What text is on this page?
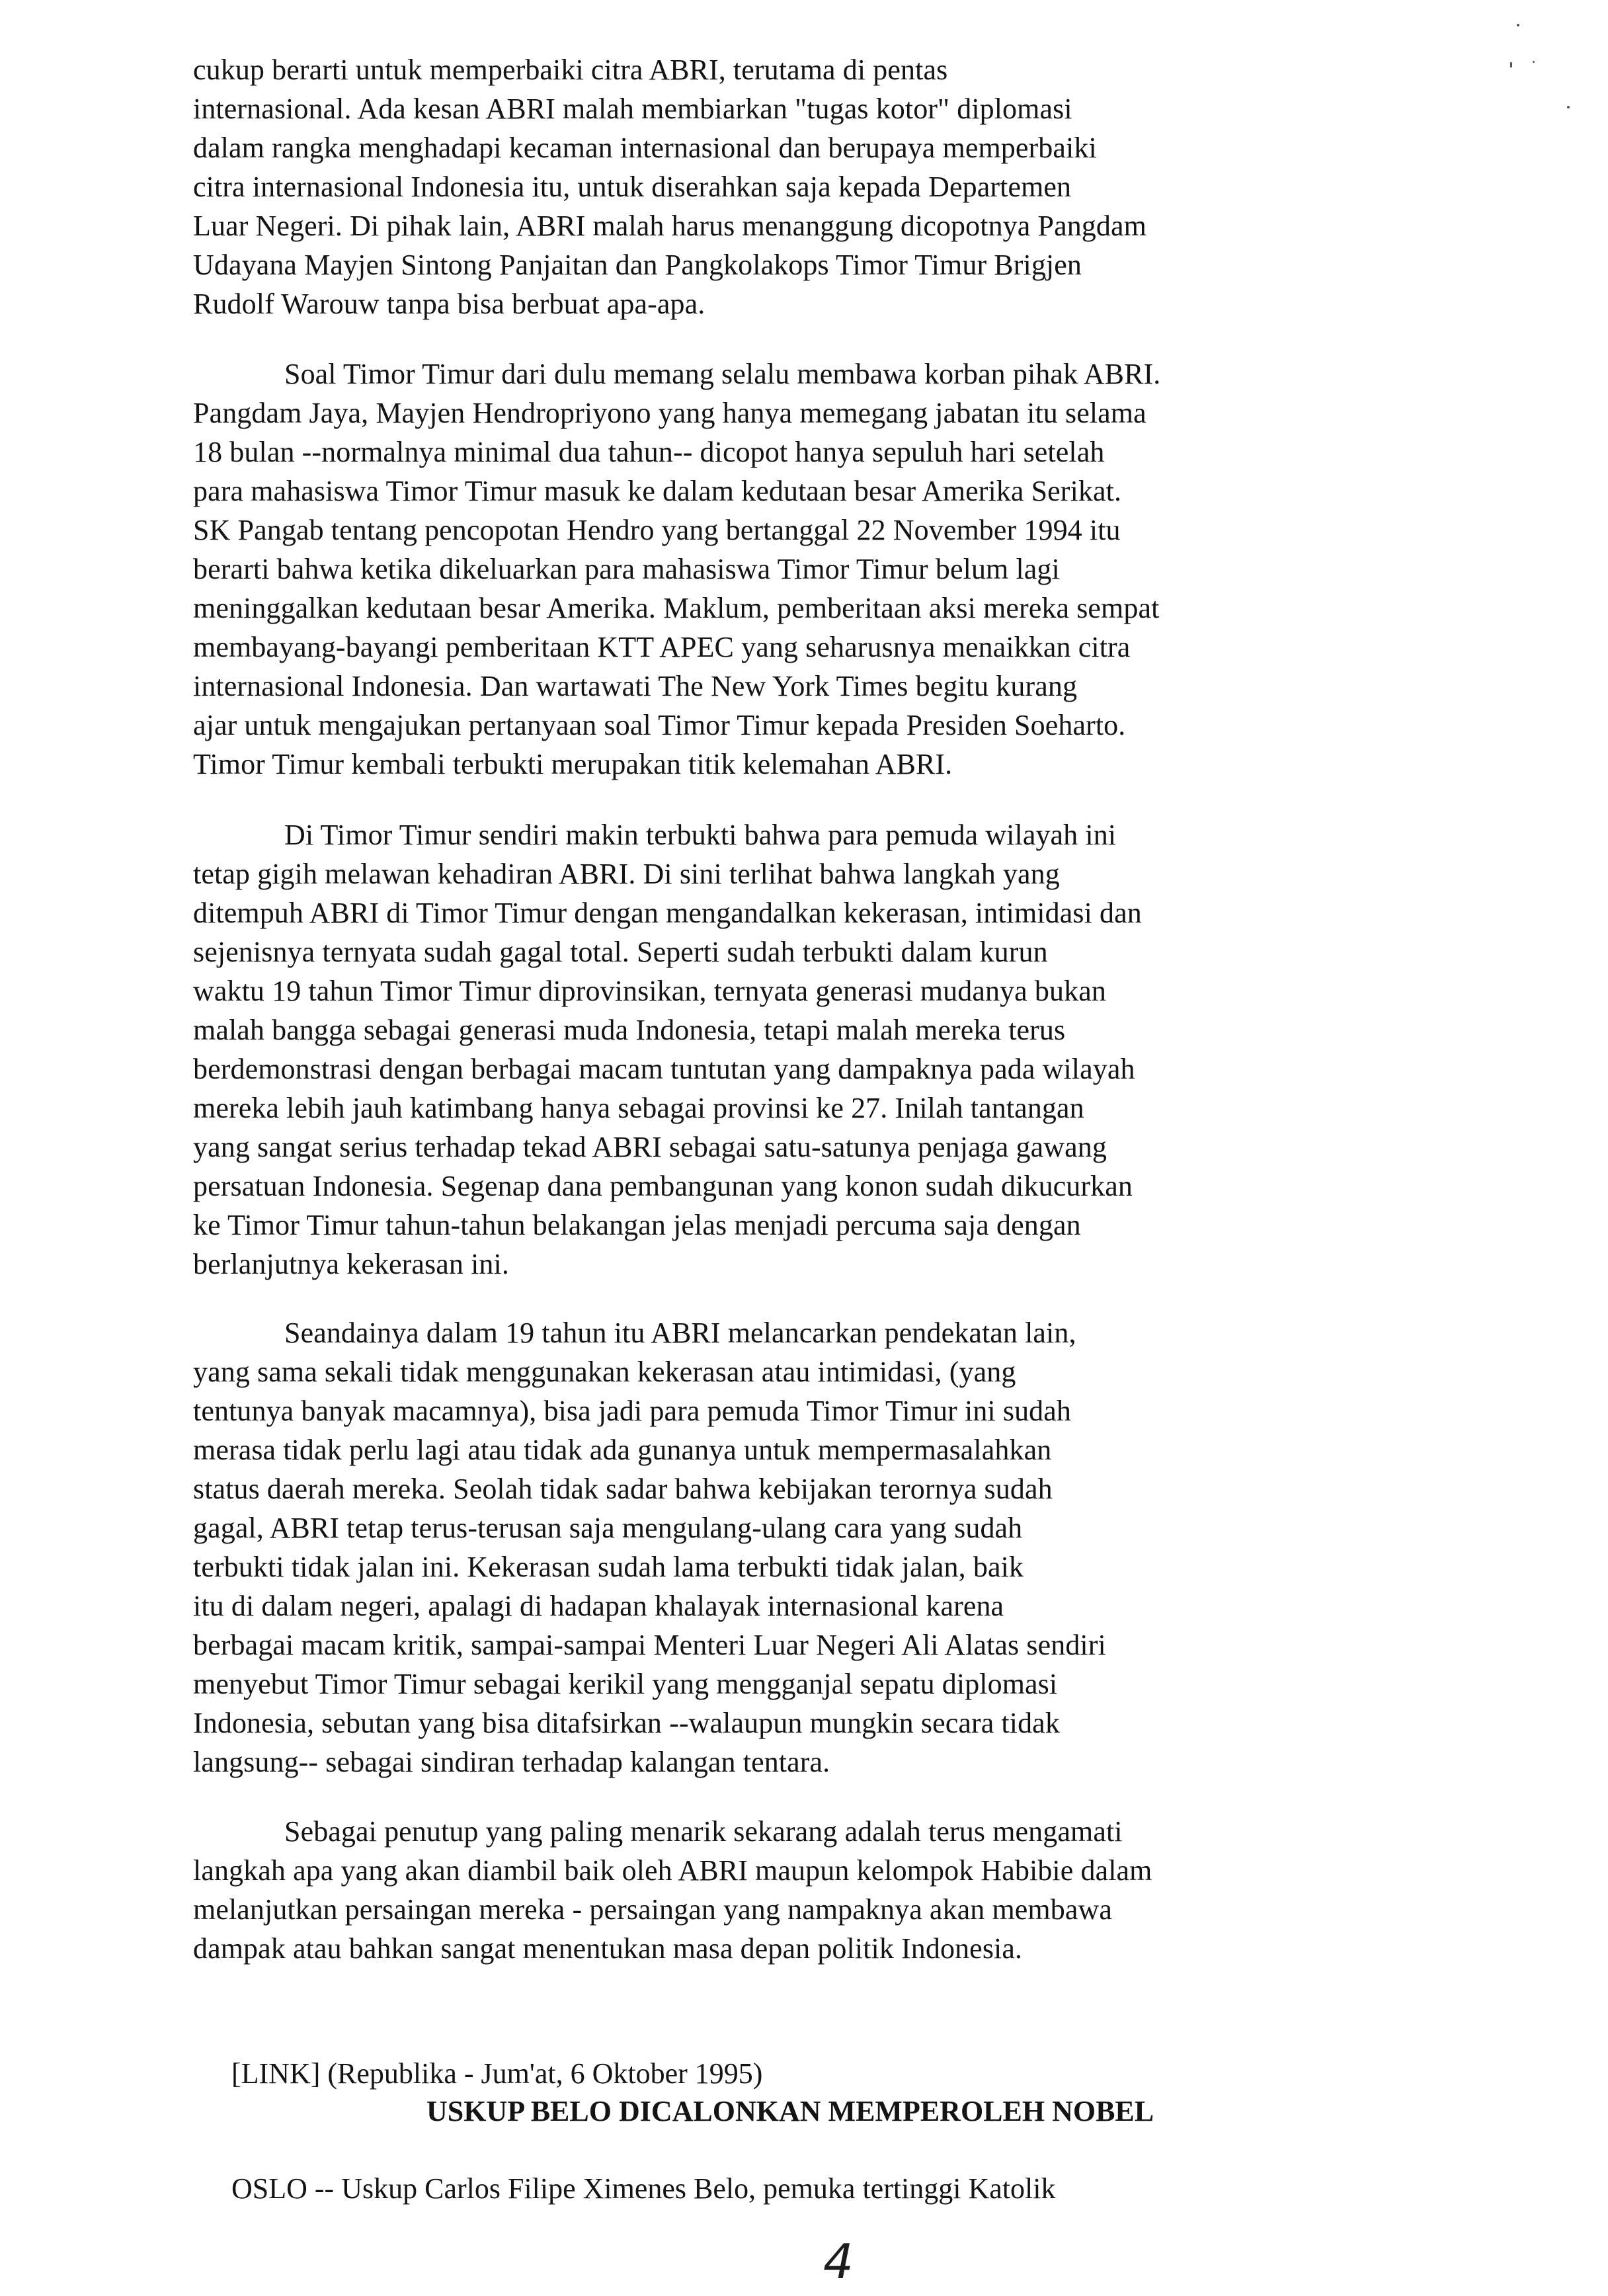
cukup berarti untuk memperbaiki citra ABRI, terutama di pentas
internasional. Ada kesan ABRI malah membiarkan "tugas kotor" diplomasi
dalam rangka menghadapi kecaman internasional dan berupaya memperbaiki
citra internasional Indonesia itu, untuk diserahkan saja kepada Departemen
Luar Negeri. Di pihak lain, ABRI malah harus menanggung dicopotnya Pangdam
Udayana Mayjen Sintong Panjaitan dan Pangkolakops Timor Timur Brigjen
Rudolf Warouw tanpa bisa berbuat apa-apa.
Soal Timor Timur dari dulu memang selalu membawa korban pihak ABRI.
Pangdam Jaya, Mayjen Hendropriyono yang hanya memegang jabatan itu selama
18 bulan --normalnya minimal dua tahun-- dicopot hanya sepuluh hari setelah
para mahasiswa Timor Timur masuk ke dalam kedutaan besar Amerika Serikat.
SK Pangab tentang pencopotan Hendro yang bertanggal 22 November 1994 itu
berarti bahwa ketika dikeluarkan para mahasiswa Timor Timur belum lagi
meninggalkan kedutaan besar Amerika. Maklum, pemberitaan aksi mereka sempat
membayang-bayangi pemberitaan KTT APEC yang seharusnya menaikkan citra
internasional Indonesia. Dan wartawati The New York Times begitu kurang
ajar untuk mengajukan pertanyaan soal Timor Timur kepada Presiden Soeharto.
Timor Timur kembali terbukti merupakan titik kelemahan ABRI.
Di Timor Timur sendiri makin terbukti bahwa para pemuda wilayah ini
tetap gigih melawan kehadiran ABRI. Di sini terlihat bahwa langkah yang
ditempuh ABRI di Timor Timur dengan mengandalkan kekerasan, intimidasi dan
sejenisnya ternyata sudah gagal total. Seperti sudah terbukti dalam kurun
waktu 19 tahun Timor Timur diprovinsikan, ternyata generasi mudanya bukan
malah bangga sebagai generasi muda Indonesia, tetapi malah mereka terus
berdemonstrasi dengan berbagai macam tuntutan yang dampaknya pada wilayah
mereka lebih jauh katimbang hanya sebagai provinsi ke 27. Inilah tantangan
yang sangat serius terhadap tekad ABRI sebagai satu-satunya penjaga gawang
persatuan Indonesia. Segenap dana pembangunan yang konon sudah dikucurkan
ke Timor Timur tahun-tahun belakangan jelas menjadi percuma saja dengan
berlanjutnya kekerasan ini.
Seandainya dalam 19 tahun itu ABRI melancarkan pendekatan lain,
yang sama sekali tidak menggunakan kekerasan atau intimidasi, (yang
tentunya banyak macamnya), bisa jadi para pemuda Timor Timur ini sudah
merasa tidak perlu lagi atau tidak ada gunanya untuk mempermasalahkan
status daerah mereka. Seolah tidak sadar bahwa kebijakan terornya sudah
gagal, ABRI tetap terus-terusan saja mengulang-ulang cara yang sudah
terbukti tidak jalan ini. Kekerasan sudah lama terbukti tidak jalan, baik
itu di dalam negeri, apalagi di hadapan khalayak internasional karena
berbagai macam kritik, sampai-sampai Menteri Luar Negeri Ali Alatas sendiri
menyebut Timor Timur sebagai kerikil yang mengganjal sepatu diplomasi
Indonesia, sebutan yang bisa ditafsirkan --walaupun mungkin secara tidak
langsung-- sebagai sindiran terhadap kalangan tentara.
Sebagai penutup yang paling menarik sekarang adalah terus mengamati
langkah apa yang akan diambil baik oleh ABRI maupun kelompok Habibie dalam
melanjutkan persaingan mereka - persaingan yang nampaknya akan membawa
dampak atau bahkan sangat menentukan masa depan politik Indonesia.
[LINK] (Republika - Jum'at, 6 Oktober 1995)
USKUP BELO DICALONKAN MEMPEROLEH NOBEL
OSLO -- Uskup Carlos Filipe Ximenes Belo, pemuka tertinggi Katolik
4
